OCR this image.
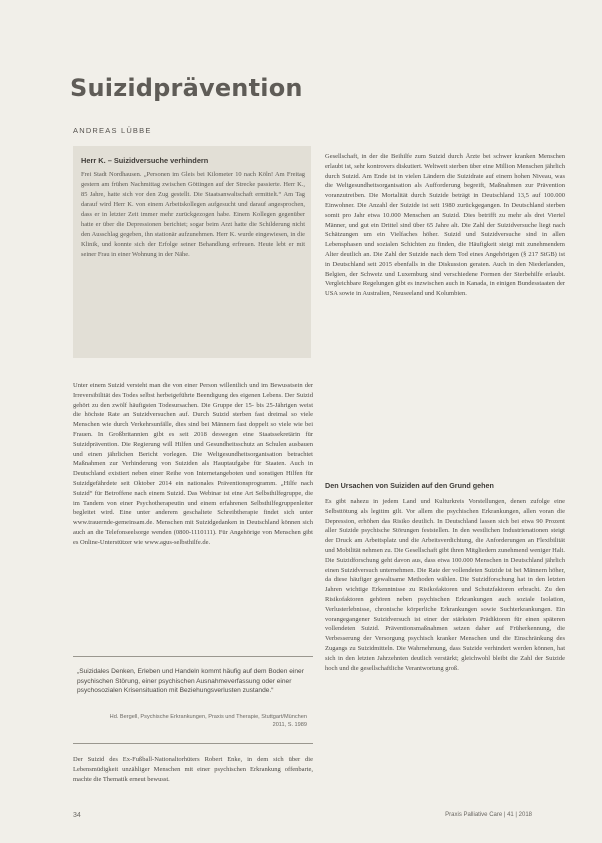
Suizidprävention
ANDREAS LÜBBE
Herr K. – Suizidversuche verhindern

Frei Stadt Nordhausen. „Personen im Gleis bei Kilometer 10 nach Köln! Am Freitag gestern am frühen Nachmittag zwischen Göttingen auf der Strecke passierte. Herr K., 85 Jahre, hatte sich vor den Zug gestellt. Die Staatsanwaltschaft ermittelt.“ Am Tag darauf wird Herr K. von einem Arbeitskollegen aufgesucht und darauf angesprochen, dass er in letzter Zeit immer mehr zurückgezogen habe. Einem Kollegen gegenüber hatte er über die Depressionen berichtet; sogar beim Arzt hatte die Schilderung nicht den Ausschlag gegeben, ihn stationär aufzunehmen. Herr K. wurde eingewiesen, in die Klinik, und konnte sich der Erfolge seiner Behandlung erfreuen. Heute lebt er mit seiner Frau in einer Wohnung in der Nähe.

Unter einem Suizid versteht man die von einer Person willentlich und im Bewusstsein der Irreversibilität des Todes selbst herbeigeführte Beendigung des eigenen Lebens. Der Suizid gehört zu den zwölf häufigsten Todesursachen. Die Gruppe der 15- bis 25-Jährigen weist die höchste Rate an Suizidversuchen auf. Durch Suizid sterben fast dreimal so viele Menschen wie durch Verkehrsunfälle, dies sind bei Männern fast doppelt so viele wie bei Frauen. In Großbritannien gibt es seit 2018 deswegen eine Staatssekretärin für Suizidprävention. Die Regierung will Hilfen und Gesundheitsschutz an Schulen ausbauen und einen jährlichen Bericht vorlegen. Die Weltgesundheitsorganisation betrachtet Maßnahmen zur Verhinderung von Suiziden als Hauptaufgabe für Staaten. Auch in Deutschland existiert neben einer Reihe von Internetangeboten und sonstigen Hilfen für Suizidgefährdete seit Oktober 2014 ein nationales Präventionsprogramm. „Hilfe nach Suizid“ für Betroffene nach einem Suizid. Das Webinar ist eine Art Selbsthilfegruppe, die im Tandem von einer Psychotherapeutin und einem erfahrenen Selbsthilfegruppenleiter begleitet wird. Eine unter anderem geschaltete Schreibtherapie findet sich unter www.trauernde-gemeinsam.de. Menschen mit Suizidgedanken in Deutschland können sich auch an die Telefonseelsorge wenden (0800-1110111). Für Angehörige von Menschen gibt es Online-Unterstützer wie www.agus-selbsthilfe.de.

„Suizidales Denken, Erleben und Handeln kommt häufig auf dem Boden einer psychischen Störung, einer psychischen Ausnahmeverfassung oder einer psychosozialen Krisensituation mit Beziehungsverlusten zustande.“

Hd. Bergell, Psychische Erkrankungen, Praxis und Therapie, Stuttgart/München 2011, S. 1989

Der Suizid des Ex-Fußball-Nationaltorhüters Robert Enke, in dem sich über die Lebensmüdigkeit unzähliger Menschen mit einer psychischen Erkrankung offenbarte, machte die Thematik erneut bewusst.

Gesellschaft, in der die Beihilfe zum Suizid durch Ärzte bei schwer kranken Menschen erlaubt ist, sehr kontrovers diskutiert. Weltweit sterben über eine Million Menschen jährlich durch Suizid. Am Ende ist in vielen Ländern die Suizidrate auf einem hohen Niveau, was die Weltgesundheitsorganisation als Aufforderung begreift, Maßnahmen zur Prävention voranzutreiben. Die Mortalität durch Suizide beträgt in Deutschland 13,5 auf 100.000 Einwohner. Die Anzahl der Suizide ist seit 1980 zurückgegangen. In Deutschland sterben somit pro Jahr etwa 10.000 Menschen an Suizid. Dies betrifft zu mehr als drei Viertel Männer, und gut ein Drittel sind über 65 Jahre alt. Die Zahl der Suizidversuche liegt nach Schätzungen um ein Vielfaches höher. Suizid und Suizidversuche sind in allen Lebensphasen und sozialen Schichten zu finden, die Häufigkeit steigt mit zunehmendem Alter deutlich an. Die Zahl der Suizide nach dem Tod eines Angehörigen (§ 217 StGB) ist in Deutschland seit 2015 ebenfalls in die Diskussion geraten. Auch in den Niederlanden, Belgien, der Schweiz und Luxemburg sind verschiedene Formen der Sterbehilfe erlaubt. Vergleichbare Regelungen gibt es inzwischen auch in Kanada, in einigen Bundesstaaten der USA sowie in Australien, Neuseeland und Kolumbien.

Den Ursachen von Suiziden auf den Grund gehen

Es gibt nahezu in jedem Land und Kulturkreis Vorstellungen, denen zufolge eine Selbsttötung als legitim gilt. Vor allem die psychischen Erkrankungen, allen voran die Depression, erhöhen das Risiko deutlich. In Deutschland lassen sich bei etwa 90 Prozent aller Suizide psychische Störungen feststellen. In den westlichen Industrienationen steigt der Druck am Arbeitsplatz und die Arbeitsverdichtung, die Anforderungen an Flexibilität und Mobilität nehmen zu. Die Gesellschaft gibt ihren Mitgliedern zunehmend weniger Halt. Die Suizidforschung geht davon aus, dass etwa 100.000 Menschen in Deutschland jährlich einen Suizidversuch unternehmen. Die Rate der vollendeten Suizide ist bei Männern höher, da diese häufiger gewaltsame Methoden wählen. Die Suizidforschung hat in den letzten Jahren wichtige Erkenntnisse zu Risikofaktoren und Schutzfaktoren erbracht. Zu den Risikofaktoren gehören neben psychischen Erkrankungen auch soziale Isolation, Verlusterlebnisse, chronische körperliche Erkrankungen sowie Suchterkrankungen. Ein vorangegangener Suizidversuch ist einer der stärksten Prädiktoren für einen späteren vollendeten Suizid. Präventionsmaßnahmen setzen daher auf Früherkennung, die Verbesserung der Versorgung psychisch kranker Menschen und die Einschränkung des Zugangs zu Suizidmitteln. Die Wahrnehmung, dass Suizide verhindert werden können, hat sich in den letzten Jahrzehnten deutlich verstärkt; gleichwohl bleibt die Zahl der Suizide hoch und die gesellschaftliche Verantwortung groß.

34	Praxis Palliative Care | 41 | 2018
